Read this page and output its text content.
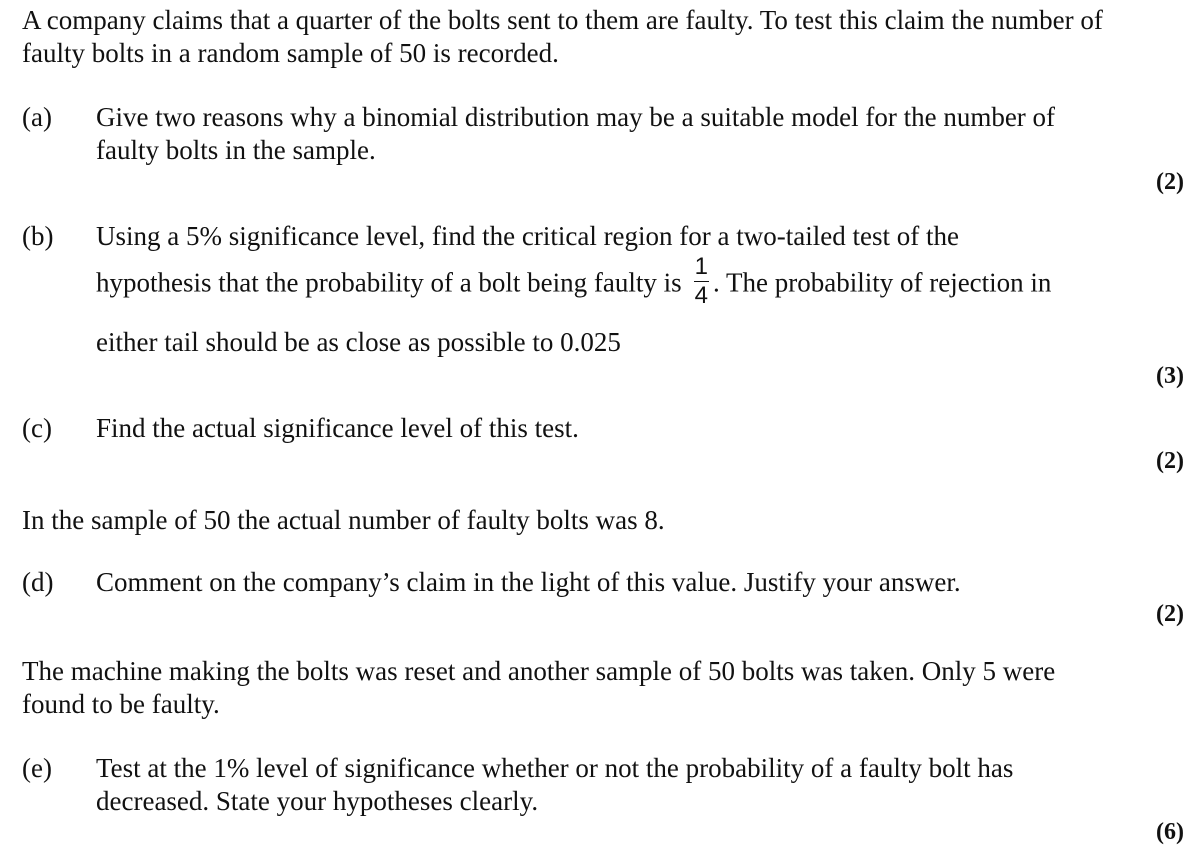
A company claims that a quarter of the bolts sent to them are faulty. To test this claim the number of faulty bolts in a random sample of 50 is recorded.

(a) Give two reasons why a binomial distribution may be a suitable model for the number of faulty bolts in the sample.
(2)
(b) Using a 5% significance level, find the critical region for a two-tailed test of the
hypothesis that the probability of a bolt being faulty is $\frac{1}{4}$ . The probability of rejection in
either tail should be as close as possible to 0.025
(3)
(c) Find the actual significance level of this test.
(2)

In the sample of 50 the actual number of faulty bolts was 8.

(d) Comment on the company’s claim in the light of this value. Justify your answer.
(2)

The machine making the bolts was reset and another sample of 50 bolts was taken. Only 5 were found to be faulty.

(e) Test at the 1% level of significance whether or not the probability of a faulty bolt has decreased. State your hypotheses clearly.
(6)
